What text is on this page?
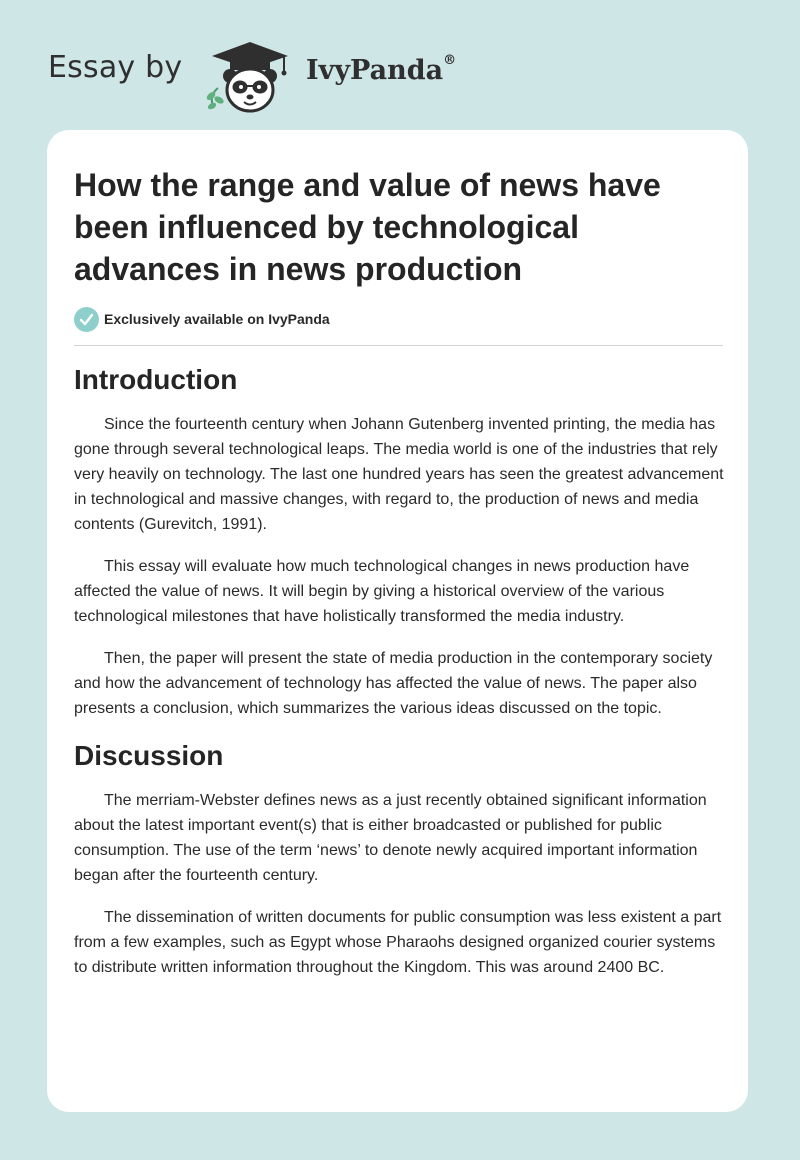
Essay by	IvyPanda®
How the range and value of news have been influenced by technological advances in news production
Exclusively available on IvyPanda
Introduction

Since the fourteenth century when Johann Gutenberg invented printing, the media has gone through several technological leaps. The media world is one of the industries that rely very heavily on technology. The last one hundred years has seen the greatest advancement in technological and massive changes, with regard to, the production of news and media contents (Gurevitch, 1991).

This essay will evaluate how much technological changes in news production have affected the value of news. It will begin by giving a historical overview of the various technological milestones that have holistically transformed the media industry.

Then, the paper will present the state of media production in the contemporary society and how the advancement of technology has affected the value of news. The paper also presents a conclusion, which summarizes the various ideas discussed on the topic.

Discussion

The merriam-Webster defines news as a just recently obtained significant information about the latest important event(s) that is either broadcasted or published for public consumption. The use of the term ‘news’ to denote newly acquired important information began after the fourteenth century.

The dissemination of written documents for public consumption was less existent a part from a few examples, such as Egypt whose Pharaohs designed organized courier systems to distribute written information throughout the Kingdom. This was around 2400 BC.
